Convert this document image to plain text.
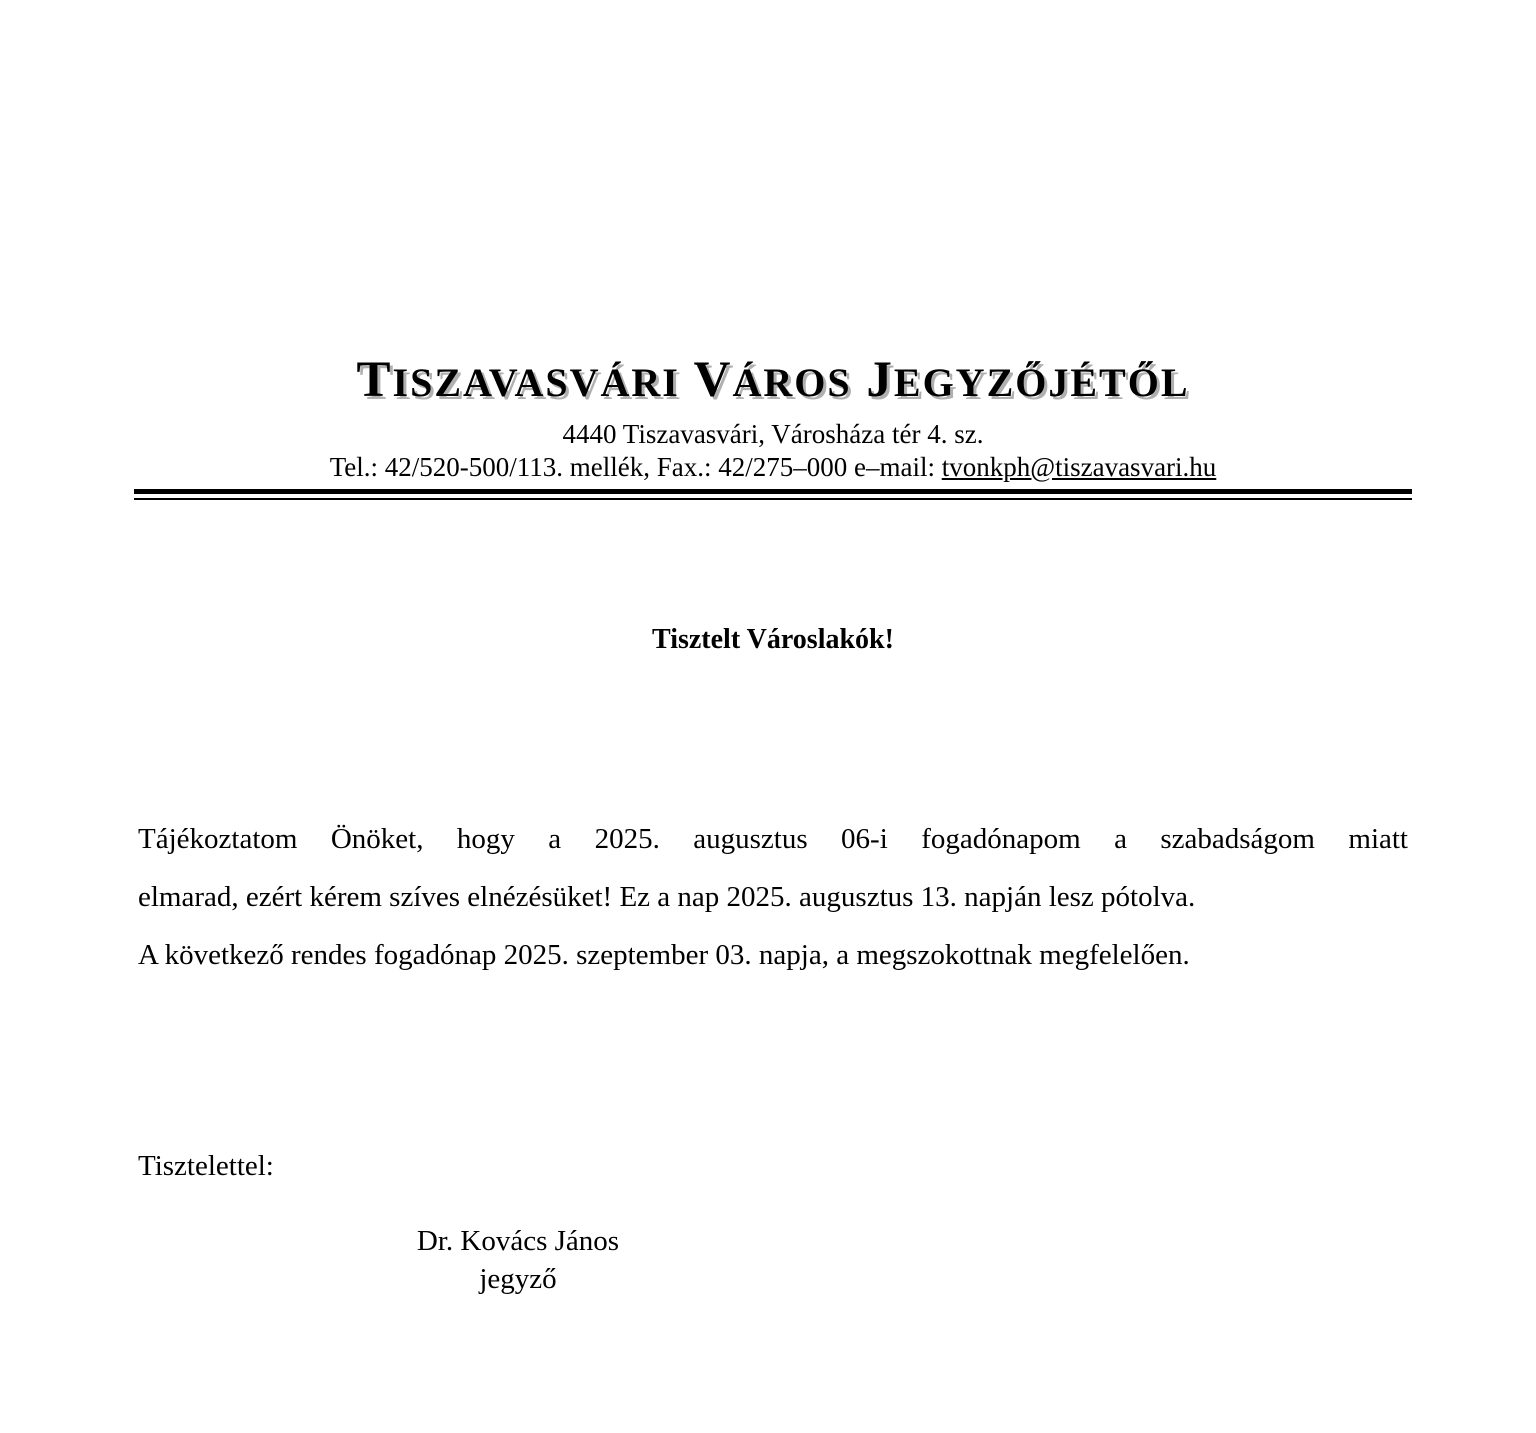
TISZAVASVÁRI VÁROS JEGYZŐJÉTŐL
4440 Tiszavasvári, Városháza tér 4. sz.
Tel.: 42/520-500/113. mellék, Fax.: 42/275–000 e–mail: tvonkph@tiszavasvari.hu
Tisztelt Városlakók!

Tájékoztatom Önöket, hogy a 2025. augusztus 06-i fogadónapom a szabadságom miatt

elmarad, ezért kérem szíves elnézésüket! Ez a nap 2025. augusztus 13. napján lesz pótolva.

A következő rendes fogadónap 2025. szeptember 03. napja, a megszokottnak megfelelően.

Tisztelettel:
Dr. Kovács János
jegyző
